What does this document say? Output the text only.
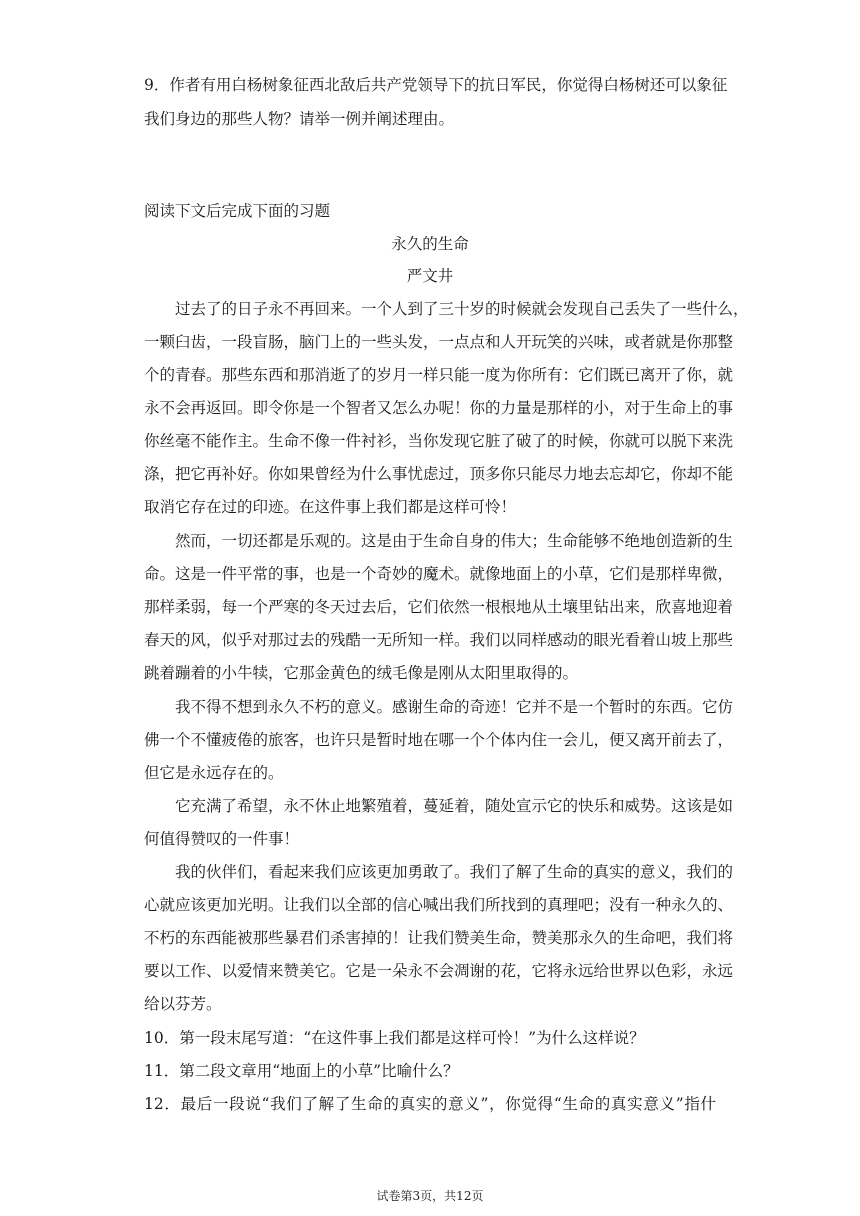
9．作者有用白杨树象征西北敌后共产党领导下的抗日军民，你觉得白杨树还可以象征
我们身边的那些人物？请举一例并阐述理由。
阅读下文后完成下面的习题
永久的生命
严文井
过去了的日子永不再回来。一个人到了三十岁的时候就会发现自己丢失了一些什么，
一颗臼齿，一段盲肠，脑门上的一些头发，一点点和人开玩笑的兴味，或者就是你那整
个的青春。那些东西和那消逝了的岁月一样只能一度为你所有：它们既已离开了你，就
永不会再返回。即令你是一个智者又怎么办呢！你的力量是那样的小，对于生命上的事
你丝毫不能作主。生命不像一件衬衫，当你发现它脏了破了的时候，你就可以脱下来洗
涤，把它再补好。你如果曾经为什么事忧虑过，顶多你只能尽力地去忘却它，你却不能
取消它存在过的印迹。在这件事上我们都是这样可怜！
然而，一切还都是乐观的。这是由于生命自身的伟大；生命能够不绝地创造新的生
命。这是一件平常的事，也是一个奇妙的魔术。就像地面上的小草，它们是那样卑微，
那样柔弱，每一个严寒的冬天过去后，它们依然一根根地从土壤里钻出来，欣喜地迎着
春天的风，似乎对那过去的残酷一无所知一样。我们以同样感动的眼光看着山坡上那些
跳着蹦着的小牛犊，它那金黄色的绒毛像是刚从太阳里取得的。
我不得不想到永久不朽的意义。感谢生命的奇迹！它并不是一个暂时的东西。它仿
佛一个不懂疲倦的旅客，也许只是暂时地在哪一个个体内住一会儿，便又离开前去了，
但它是永远存在的。
它充满了希望，永不休止地繁殖着，蔓延着，随处宣示它的快乐和威势。这该是如
何值得赞叹的一件事！
我的伙伴们，看起来我们应该更加勇敢了。我们了解了生命的真实的意义，我们的
心就应该更加光明。让我们以全部的信心喊出我们所找到的真理吧；没有一种永久的、
不朽的东西能被那些暴君们杀害掉的！让我们赞美生命，赞美那永久的生命吧，我们将
要以工作、以爱情来赞美它。它是一朵永不会凋谢的花，它将永远给世界以色彩，永远
给以芬芳。
10．第一段末尾写道：“在这件事上我们都是这样可怜！”为什么这样说？
11．第二段文章用“地面上的小草”比喻什么？
12．最后一段说“我们了解了生命的真实的意义”，你觉得“生命的真实意义”指什
试卷第3页，共12页
